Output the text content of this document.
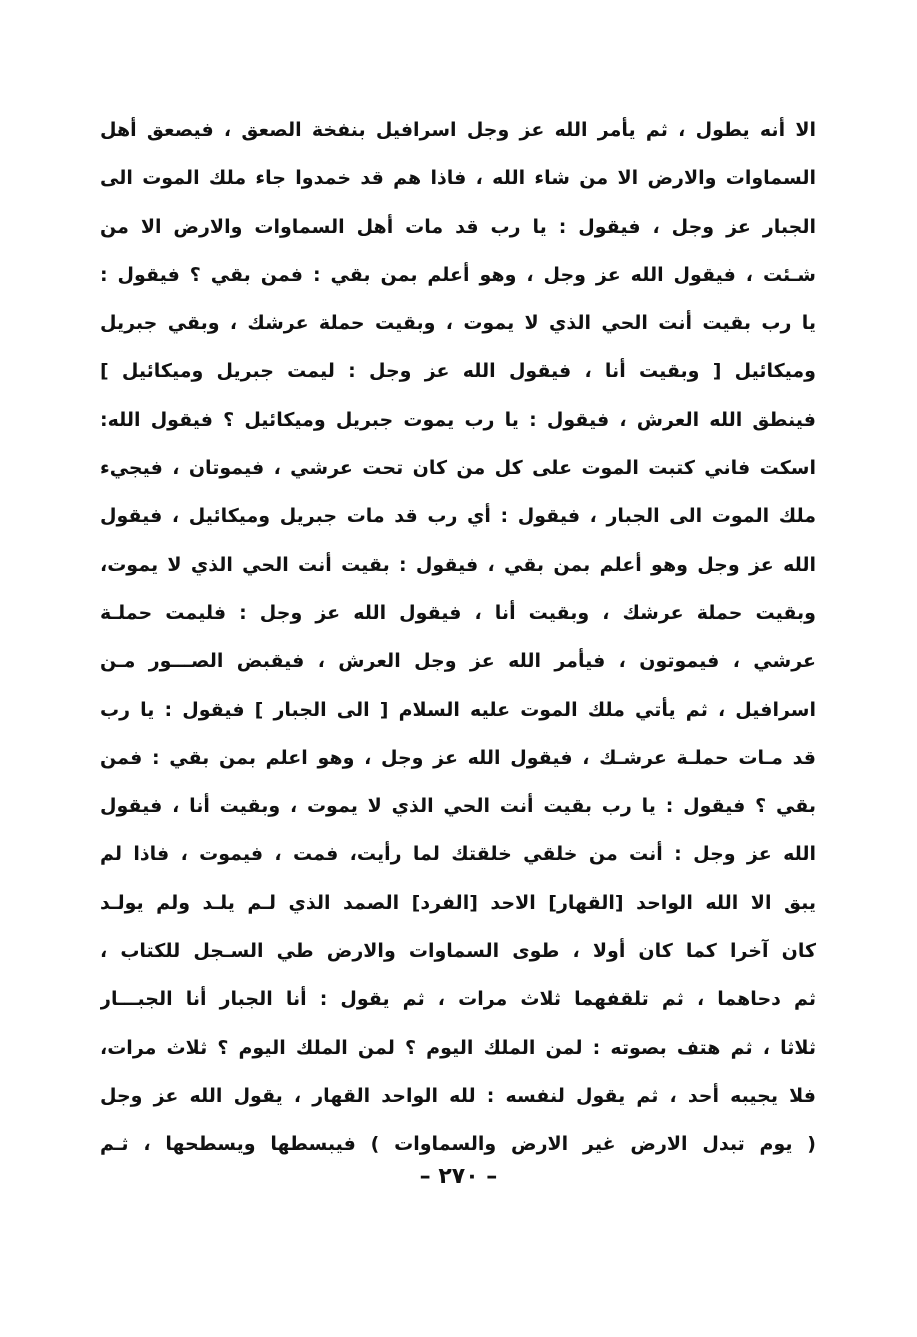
الا أنه يطول ، ثم يأمر الله عز وجل اسرافيل بنفخة الصعق ، فيصعق أهل
السماوات والارض الا من شاء الله ، فاذا هم قد خمدوا جاء ملك الموت الى
الجبار عز وجل ، فيقول : يا رب قد مات أهل السماوات والارض الا من
شـئت ، فيقول الله عز وجل ، وهو أعلم بمن بقي : فمن بقي ؟ فيقول :
يا رب بقيت أنت الحي الذي لا يموت ، وبقيت حملة عرشك ، وبقي جبريل
وميكائيل [ وبقيت أنا ، فيقول الله عز وجل : ليمت جبريل وميكائيل ]
فينطق الله العرش ، فيقول : يا رب يموت جبريل وميكائيل ؟ فيقول الله:
اسكت فاني كتبت الموت على كل من كان تحت عرشي ، فيموتان ، فيجيء
ملك الموت الى الجبار ، فيقول : أي رب قد مات جبريل وميكائيل ، فيقول
الله عز وجل وهو أعلم بمن بقي ، فيقول : بقيت أنت الحي الذي لا يموت،
وبقيت حملة عرشك ، وبقيت أنا ، فيقول الله عز وجل : فليمت حملـة
عرشي ، فيموتون ، فيأمر الله عز وجل العرش ، فيقبض الصـــور مـن
اسرافيل ، ثم يأتي ملك الموت عليه السلام [ الى الجبار ] فيقول : يا رب
قد مـات حملـة عرشـك ، فيقول الله عز وجل ، وهو اعلم بمن بقي : فمن
بقي ؟ فيقول : يا رب بقيت أنت الحي الذي لا يموت ، وبقيت أنا ، فيقول
الله عز وجل : أنت من خلقي خلقتك لما رأيت، فمت ، فيموت ، فاذا لم
يبق الا الله الواحد [القهار] الاحد [الفرد] الصمد الذي لـم يلـد ولم يولـد
كان آخرا كما كان أولا ، طوى السماوات والارض طي السـجل للكتاب ،
ثم دحاهما ، ثم تلقفهما ثلاث مرات ، ثم يقول : أنا الجبار أنا الجبـــار
ثلاثا ، ثم هتف بصوته : لمن الملك اليوم ؟ لمن الملك اليوم ؟ ثلاث مرات،
فلا يجيبه أحد ، ثم يقول لنفسه : لله الواحد القهار ، يقول الله عز وجل
( يوم تبدل الارض غير الارض والسماوات ) فيبسطها ويسطحها ، ثـم
– ٢٧٠ –
